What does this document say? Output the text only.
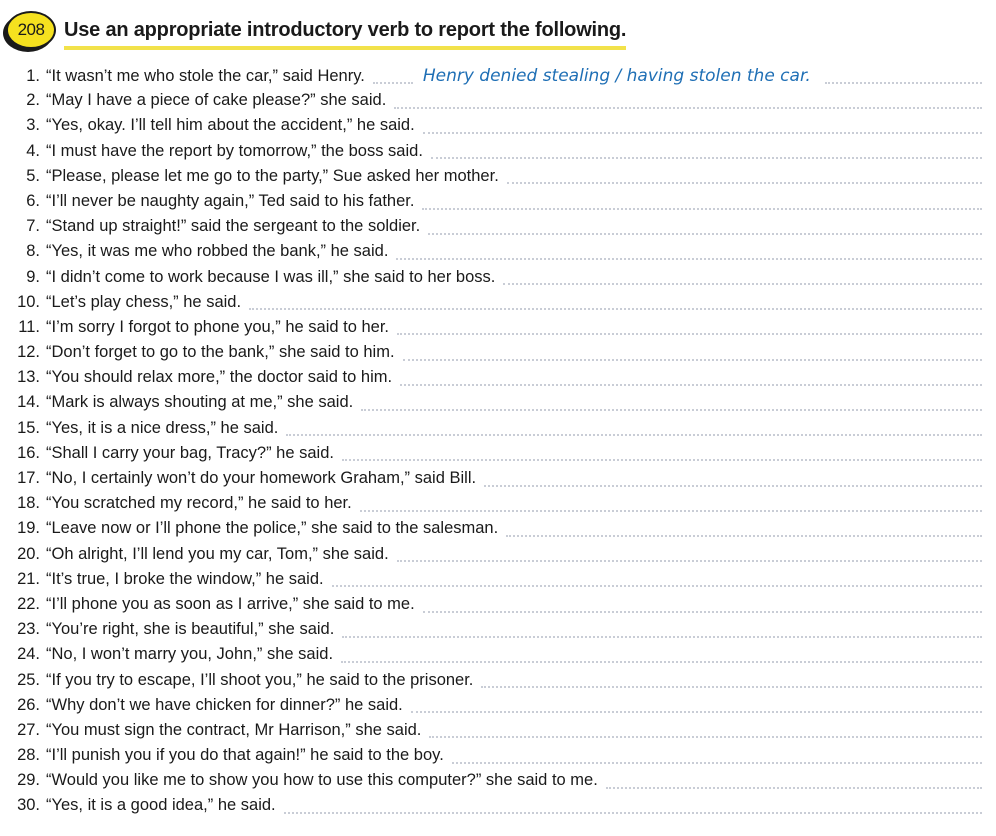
208 Use an appropriate introductory verb to report the following.
1. “It wasn’t me who stole the car,” said Henry.	Henry denied stealing / having stolen the car.
2. “May I have a piece of cake please?” she said.
3. “Yes, okay. I’ll tell him about the accident,” he said.
4. “I must have the report by tomorrow,” the boss said.
5. “Please, please let me go to the party,” Sue asked her mother.
6. “I’ll never be naughty again,” Ted said to his father.
7. “Stand up straight!” said the sergeant to the soldier.
8. “Yes, it was me who robbed the bank,” he said.
9. “I didn’t come to work because I was ill,” she said to her boss.
10. “Let’s play chess,” he said.
11. “I’m sorry I forgot to phone you,” he said to her.
12. “Don’t forget to go to the bank,” she said to him.
13. “You should relax more,” the doctor said to him.
14. “Mark is always shouting at me,” she said.
15. “Yes, it is a nice dress,” he said.
16. “Shall I carry your bag, Tracy?” he said.
17. “No, I certainly won’t do your homework Graham,” said Bill.
18. “You scratched my record,” he said to her.
19. “Leave now or I’ll phone the police,” she said to the salesman.
20. “Oh alright, I’ll lend you my car, Tom,” she said.
21. “It’s true, I broke the window,” he said.
22. “I’ll phone you as soon as I arrive,” she said to me.
23. “You’re right, she is beautiful,” she said.
24. “No, I won’t marry you, John,” she said.
25. “If you try to escape, I’ll shoot you,” he said to the prisoner.
26. “Why don’t we have chicken for dinner?” he said.
27. “You must sign the contract, Mr Harrison,” she said.
28. “I’ll punish you if you do that again!” he said to the boy.
29. “Would you like me to show you how to use this computer?” she said to me.
30. “Yes, it is a good idea,” he said.
